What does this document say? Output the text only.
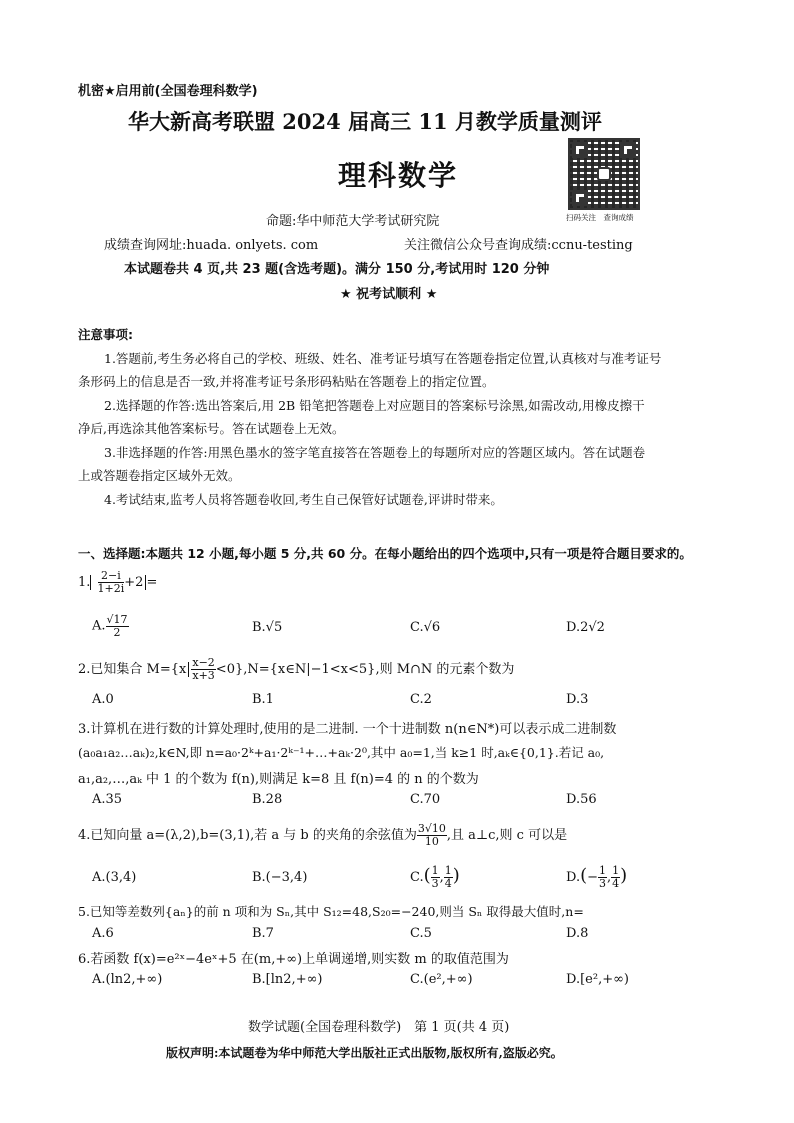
机密★启用前(全国卷理科数学)
华大新高考联盟 2024 届高三 11 月教学质量测评
理科数学
扫码关注　查询成绩
命题:华中师范大学考试研究院
成绩查询网址:huada. onlyets. com	关注微信公众号查询成绩:ccnu-testing
本试题卷共 4 页,共 23 题(含选考题)。满分 150 分,考试用时 120 分钟
★ 祝考试顺利 ★
注意事项:
1.答题前,考生务必将自己的学校、班级、姓名、准考证号填写在答题卷指定位置,认真核对与准考证号
条形码上的信息是否一致,并将准考证号条形码粘贴在答题卷上的指定位置。
2.选择题的作答:选出答案后,用 2B 铅笔把答题卷上对应题目的答案标号涂黑,如需改动,用橡皮擦干
净后,再选涂其他答案标号。答在试题卷上无效。
3.非选择题的作答:用黑色墨水的签字笔直接答在答题卷上的每题所对应的答题区域内。答在试题卷
上或答题卷指定区域外无效。
4.考试结束,监考人员将答题卷收回,考生自己保管好试题卷,评讲时带来。
一、选择题:本题共 12 小题,每小题 5 分,共 60 分。在每小题给出的四个选项中,只有一项是符合题目要求的。
1. $\frac{2-i}{1+2i} +2$ =
A. $\frac{√17}{2}$	B.√5	C.√6	D.2√2
2.已知集合 $M=\{x \frac{x-2}{x+3}$ <0},N={x∈N|−1<x<5},则 M∩N 的元素个数为
A.0	B.1	C.2	D.3
3.计算机在进行数的计算处理时,使用的是二进制. 一个十进制数 n(n∈N*)可以表示成二进制数
(a₀a₁a₂…aₖ)₂,k∈N,即 n=a₀·2ᵏ+a₁·2ᵏ⁻¹+…+aₖ·2⁰,其中 a₀=1,当 k≥1 时,aₖ∈{0,1}.若记 a₀,
a₁,a₂,…,aₖ 中 1 的个数为 f(n),则满足 k=8 且 f(n)=4 的 n 的个数为
A.35	B.28	C.70	D.56
4.已知向量 a=(λ,2),b=(3,1),若 a 与 b 的夹角的余弦值为 $\frac{3√10}{10}$ ,且 a⊥c,则 c 可以是
A.(3,4)	B.(−3,4)	$C.( \frac{1}{3}$ , $\frac{1}{4}$ )	$D.(- \frac{1}{3}$ , $\frac{1}{4}$ )
5.已知等差数列{aₙ}的前 n 项和为 Sₙ,其中 S₁₂=48,S₂₀=−240,则当 Sₙ 取得最大值时,n=
A.6	B.7	C.5	D.8
6.若函数 f(x)=e²ˣ−4eˣ+5 在(m,+∞)上单调递增,则实数 m 的取值范围为
A.(ln2,+∞)	B.[ln2,+∞)	C.(e²,+∞)	D.[e²,+∞)
数学试题(全国卷理科数学)　第 1 页(共 4 页)
版权声明:本试题卷为华中师范大学出版社正式出版物,版权所有,盗版必究。
